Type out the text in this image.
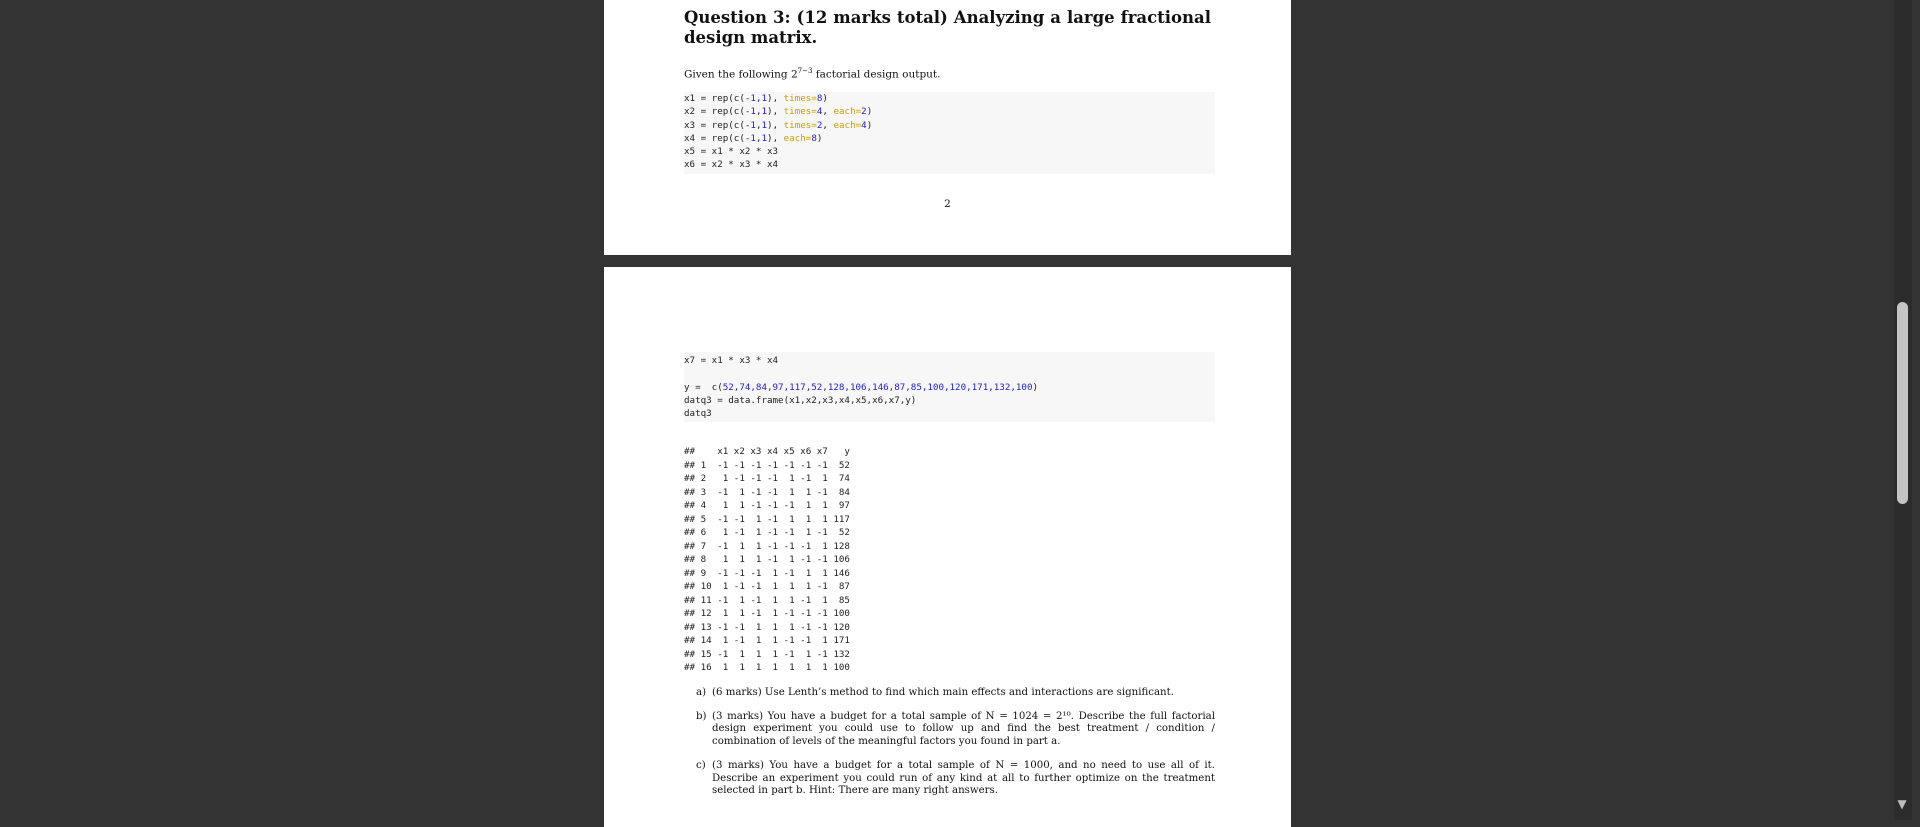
Question 3: (12 marks total) Analyzing a large fractional design matrix.
Given the following $2^{7-3}$ factorial design output.
x1 = rep(c(-1,1), times=8)
x2 = rep(c(-1,1), times=4, each=2)
x3 = rep(c(-1,1), times=2, each=4)
x4 = rep(c(-1,1), each=8)
x5 = x1 * x2 * x3
x6 = x2 * x3 * x4
2
x7 = x1 * x3 * x4
y =  c(52,74,84,97,117,52,128,106,146,87,85,100,120,171,132,100)
datq3 = data.frame(x1,x2,x3,x4,x5,x6,x7,y)
datq3
##    x1 x2 x3 x4 x5 x6 x7   y
## 1  -1 -1 -1 -1 -1 -1 -1  52
## 2   1 -1 -1 -1  1 -1  1  74
## 3  -1  1 -1 -1  1  1 -1  84
## 4   1  1 -1 -1 -1  1  1  97
## 5  -1 -1  1 -1  1  1  1 117
## 6   1 -1  1 -1 -1  1 -1  52
## 7  -1  1  1 -1 -1 -1  1 128
## 8   1  1  1 -1  1 -1 -1 106
## 9  -1 -1 -1  1 -1  1  1 146
## 10  1 -1 -1  1  1  1 -1  87
## 11 -1  1 -1  1  1 -1  1  85
## 12  1  1 -1  1 -1 -1 -1 100
## 13 -1 -1  1  1  1 -1 -1 120
## 14  1 -1  1  1 -1 -1  1 171
## 15 -1  1  1  1 -1  1 -1 132
## 16  1  1  1  1  1  1  1 100
a) (6 marks) Use Lenth’s method to find which main effects and interactions are significant.
b) (3 marks) You have a budget for a total sample of N = 1024 = 2¹⁰. Describe the full factorial design experiment you could use to follow up and find the best treatment / condition / combination of levels of the meaningful factors you found in part a.
c) (3 marks) You have a budget for a total sample of N = 1000, and no need to use all of it. Describe an experiment you could run of any kind at all to further optimize on the treatment selected in part b. Hint: There are many right answers.
▼
